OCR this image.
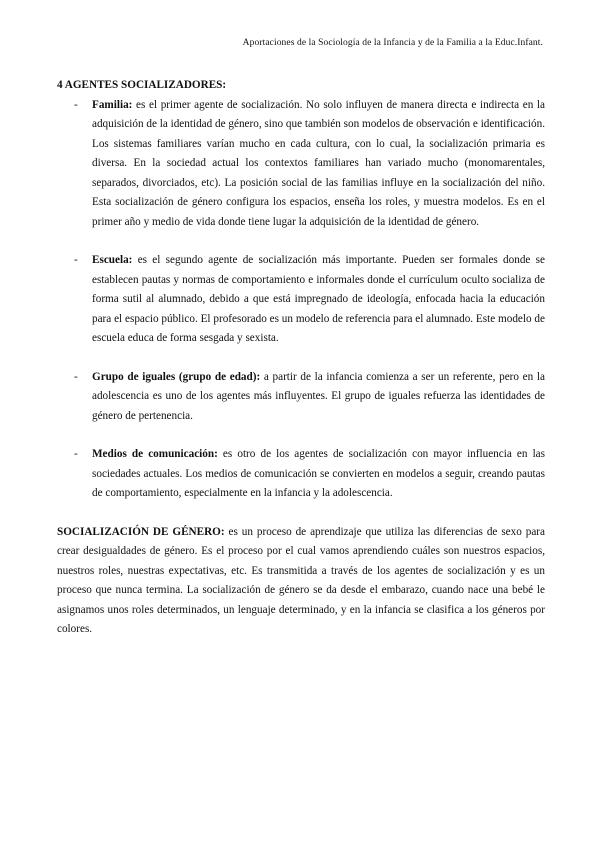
Aportaciones de la Sociología de la Infancia y de la Familia a la Educ.Infant.

4 AGENTES SOCIALIZADORES:

- Familia: es el primer agente de socialización. No solo influyen de manera directa e indirecta en la adquisición de la identidad de género, sino que también son modelos de observación e identificación. Los sistemas familiares varían mucho en cada cultura, con lo cual, la socialización primaria es diversa. En la sociedad actual los contextos familiares han variado mucho (monomarentales, separados, divorciados, etc). La posición social de las familias influye en la socialización del niño. Esta socialización de género configura los espacios, enseña los roles, y muestra modelos. Es en el primer año y medio de vida donde tiene lugar la adquisición de la identidad de género.
- Escuela: es el segundo agente de socialización más importante. Pueden ser formales donde se establecen pautas y normas de comportamiento e informales donde el currículum oculto socializa de forma sutil al alumnado, debido a que está impregnado de ideología, enfocada hacia la educación para el espacio público. El profesorado es un modelo de referencia para el alumnado. Este modelo de escuela educa de forma sesgada y sexista.
- Grupo de iguales (grupo de edad): a partir de la infancia comienza a ser un referente, pero en la adolescencia es uno de los agentes más influyentes. El grupo de iguales refuerza las identidades de género de pertenencia.
- Medios de comunicación: es otro de los agentes de socialización con mayor influencia en las sociedades actuales. Los medios de comunicación se convierten en modelos a seguir, creando pautas de comportamiento, especialmente en la infancia y la adolescencia.

SOCIALIZACIÓN DE GÉNERO: es un proceso de aprendizaje que utiliza las diferencias de sexo para crear desigualdades de género. Es el proceso por el cual vamos aprendiendo cuáles son nuestros espacios, nuestros roles, nuestras expectativas, etc. Es transmitida a través de los agentes de socialización y es un proceso que nunca termina. La socialización de género se da desde el embarazo, cuando nace una bebé le asignamos unos roles determinados, un lenguaje determinado, y en la infancia se clasifica a los géneros por colores.
